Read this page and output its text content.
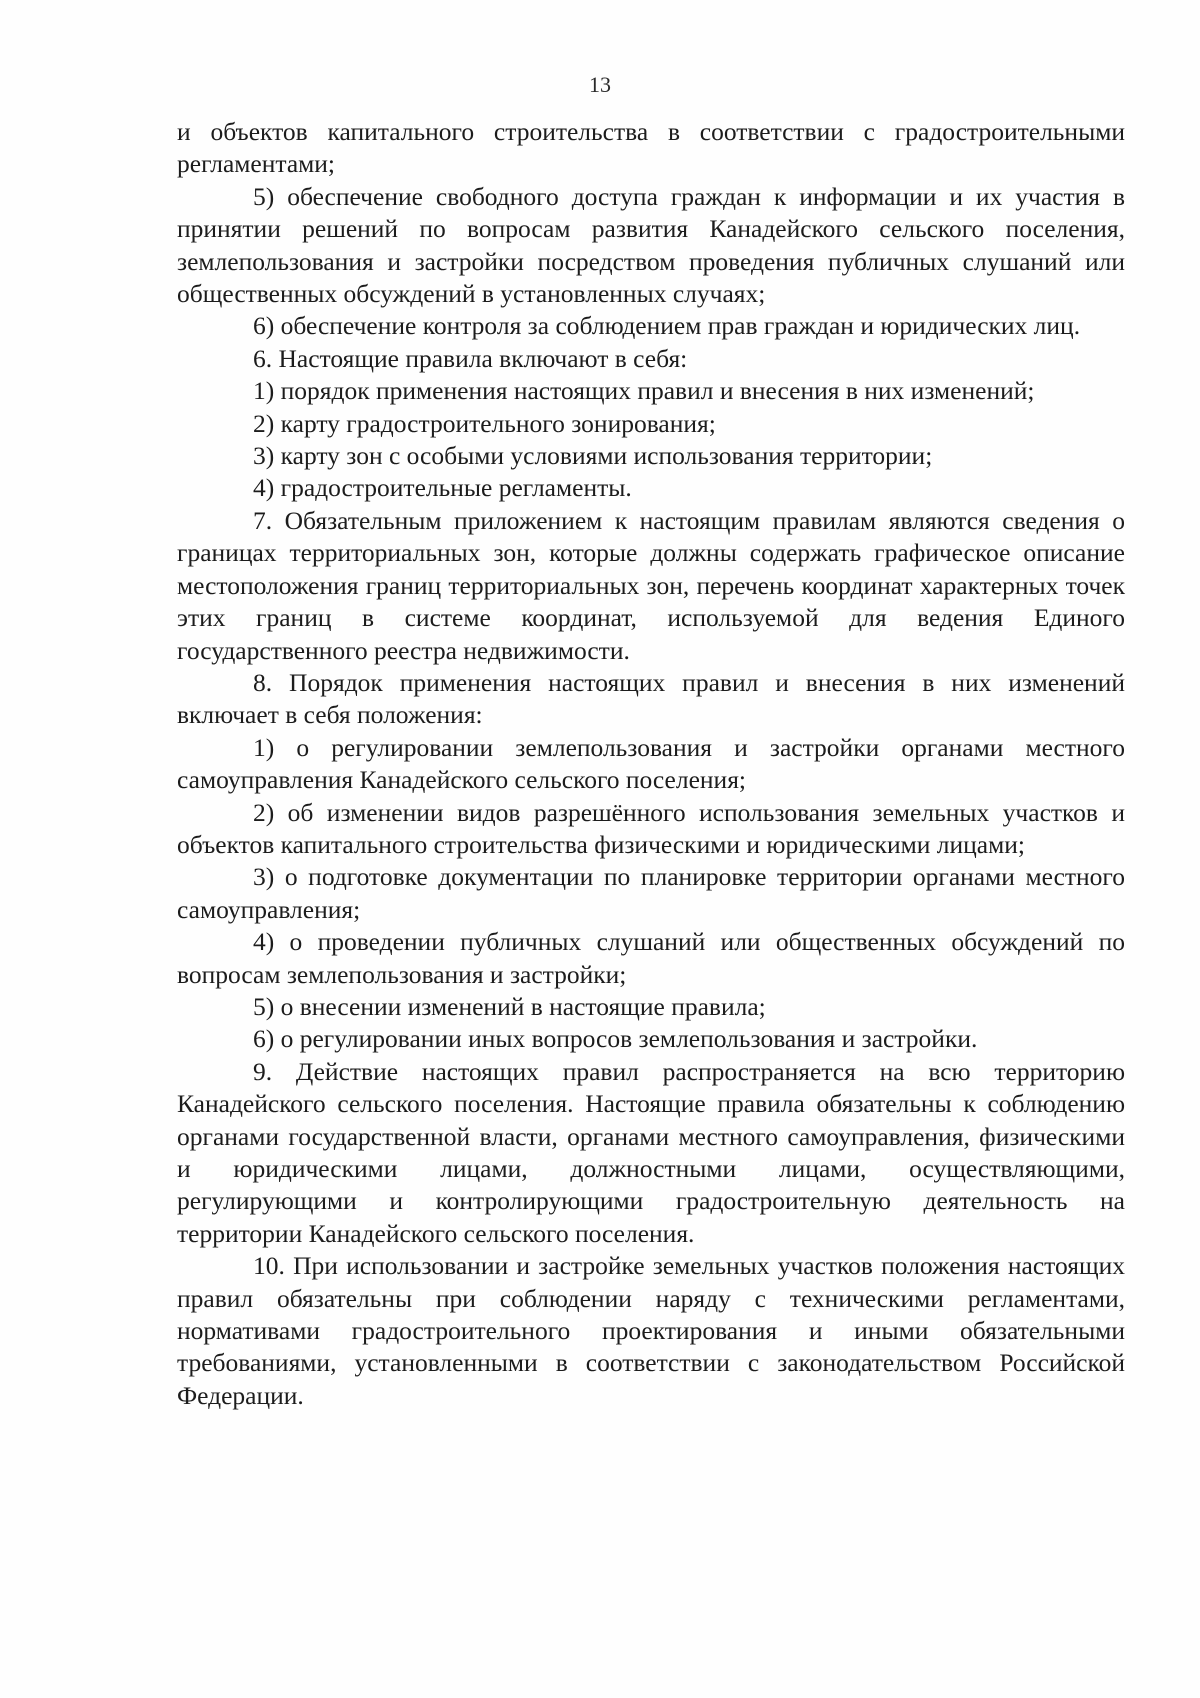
13

и объектов капитального строительства в соответствии с градостроительными регламентами;

5) обеспечение свободного доступа граждан к информации и их участия в принятии решений по вопросам развития Канадейского сельского поселения, землепользования и застройки посредством проведения публичных слушаний или общественных обсуждений в установленных случаях;

6) обеспечение контроля за соблюдением прав граждан и юридических лиц.

6. Настоящие правила включают в себя:

1) порядок применения настоящих правил и внесения в них изменений;

2) карту градостроительного зонирования;

3) карту зон с особыми условиями использования территории;

4) градостроительные регламенты.

7. Обязательным приложением к настоящим правилам являются сведения о границах территориальных зон, которые должны содержать графическое описание местоположения границ территориальных зон, перечень координат характерных точек этих границ в системе координат, используемой для ведения Единого государственного реестра недвижимости.

8. Порядок применения настоящих правил и внесения в них изменений включает в себя положения:

1) о регулировании землепользования и застройки органами местного самоуправления Канадейского сельского поселения;

2) об изменении видов разрешённого использования земельных участков и объектов капитального строительства физическими и юридическими лицами;

3) о подготовке документации по планировке территории органами местного самоуправления;

4) о проведении публичных слушаний или общественных обсуждений по вопросам землепользования и застройки;

5) о внесении изменений в настоящие правила;

6) о регулировании иных вопросов землепользования и застройки.

9. Действие настоящих правил распространяется на всю территорию Канадейского сельского поселения. Настоящие правила обязательны к соблюдению органами государственной власти, органами местного самоуправления, физическими и юридическими лицами, должностными лицами, осуществляющими, регулирующими и контролирующими градостроительную деятельность на территории Канадейского сельского поселения.

10. При использовании и застройке земельных участков положения настоящих правил обязательны при соблюдении наряду с техническими регламентами, нормативами градостроительного проектирования и иными обязательными требованиями, установленными в соответствии с законодательством Российской Федерации.
